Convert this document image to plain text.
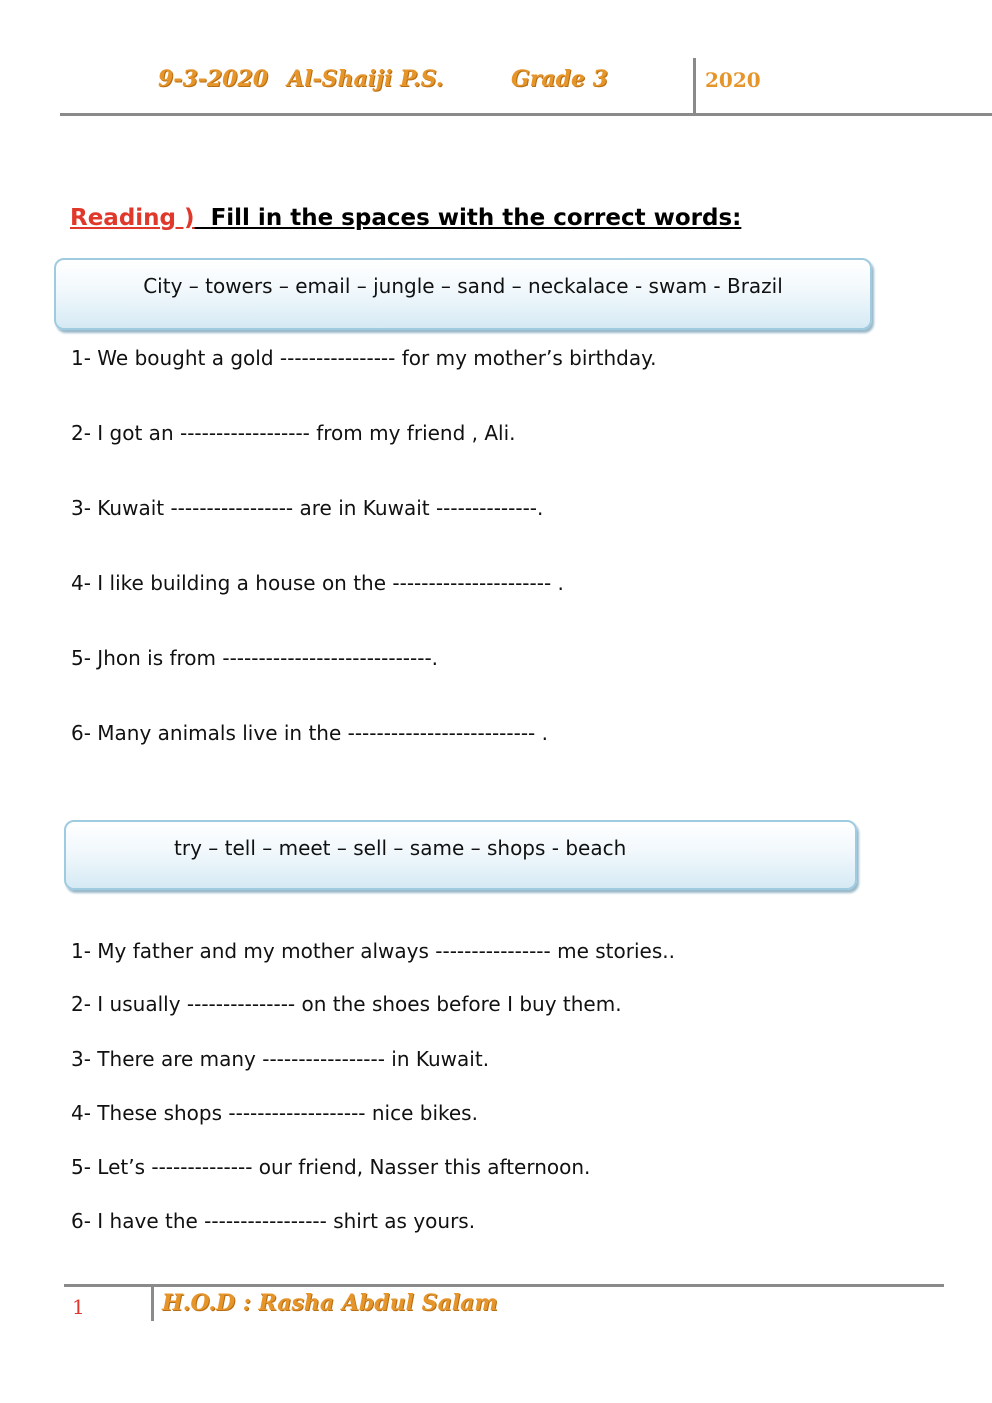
9-3-2020 Al-Shaiji P.S.	Grade 3	2020
Reading ) Fill in the spaces with the correct words:
City – towers – email – jungle – sand – neckalace - swam - Brazil
1- We bought a gold ---------------- for my mother’s birthday.
2- I got an ------------------ from my friend , Ali.
3- Kuwait ----------------- are in Kuwait --------------.
4- I like building a house on the ---------------------- .
5- Jhon is from -----------------------------.
6- Many animals live in the -------------------------- .
try – tell – meet – sell – same – shops - beach
1- My father and my mother always ---------------- me stories..
2- I usually --------------- on the shoes before I buy them.
3- There are many ----------------- in Kuwait.
4- These shops ------------------- nice bikes.
5- Let’s -------------- our friend, Nasser this afternoon.
6- I have the ----------------- shirt as yours.
1	H.O.D : Rasha Abdul Salam
